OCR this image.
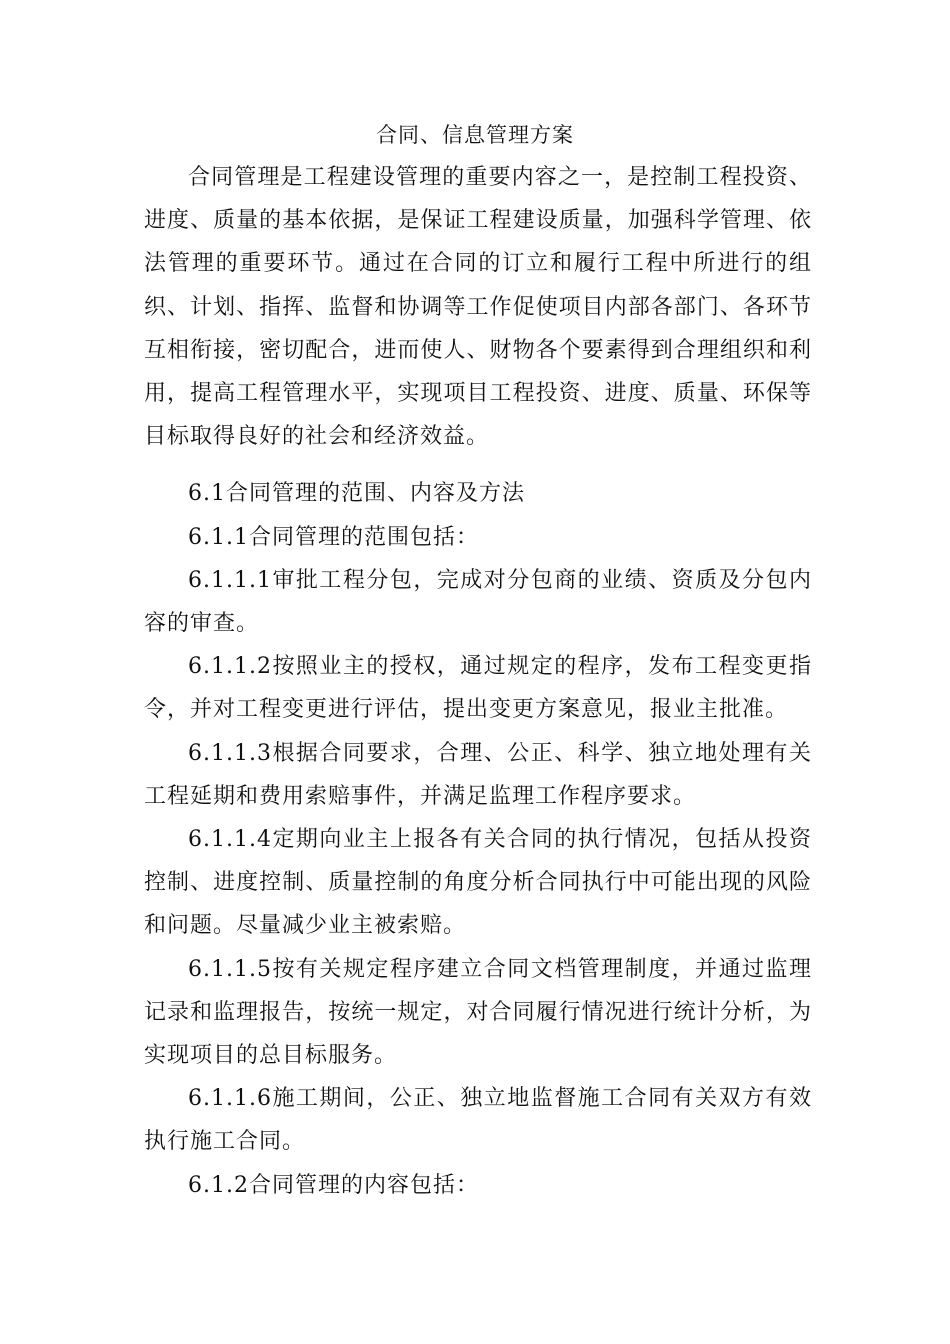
合同、信息管理方案

合同管理是工程建设管理的重要内容之一，是控制工程投资、进度、质量的基本依据，是保证工程建设质量，加强科学管理、依法管理的重要环节。通过在合同的订立和履行工程中所进行的组织、计划、指挥、监督和协调等工作促使项目内部各部门、各环节互相衔接，密切配合，进而使人、财物各个要素得到合理组织和利用，提高工程管理水平，实现项目工程投资、进度、质量、环保等目标取得良好的社会和经济效益。

6.1合同管理的范围、内容及方法

6.1.1合同管理的范围包括：

6.1.1.1审批工程分包，完成对分包商的业绩、资质及分包内容的审查。

6.1.1.2按照业主的授权，通过规定的程序，发布工程变更指令，并对工程变更进行评估，提出变更方案意见，报业主批准。

6.1.1.3根据合同要求，合理、公正、科学、独立地处理有关工程延期和费用索赔事件，并满足监理工作程序要求。

6.1.1.4定期向业主上报各有关合同的执行情况，包括从投资控制、进度控制、质量控制的角度分析合同执行中可能出现的风险和问题。尽量减少业主被索赔。

6.1.1.5按有关规定程序建立合同文档管理制度，并通过监理记录和监理报告，按统一规定，对合同履行情况进行统计分析，为实现项目的总目标服务。

6.1.1.6施工期间，公正、独立地监督施工合同有关双方有效执行施工合同。

6.1.2合同管理的内容包括：
